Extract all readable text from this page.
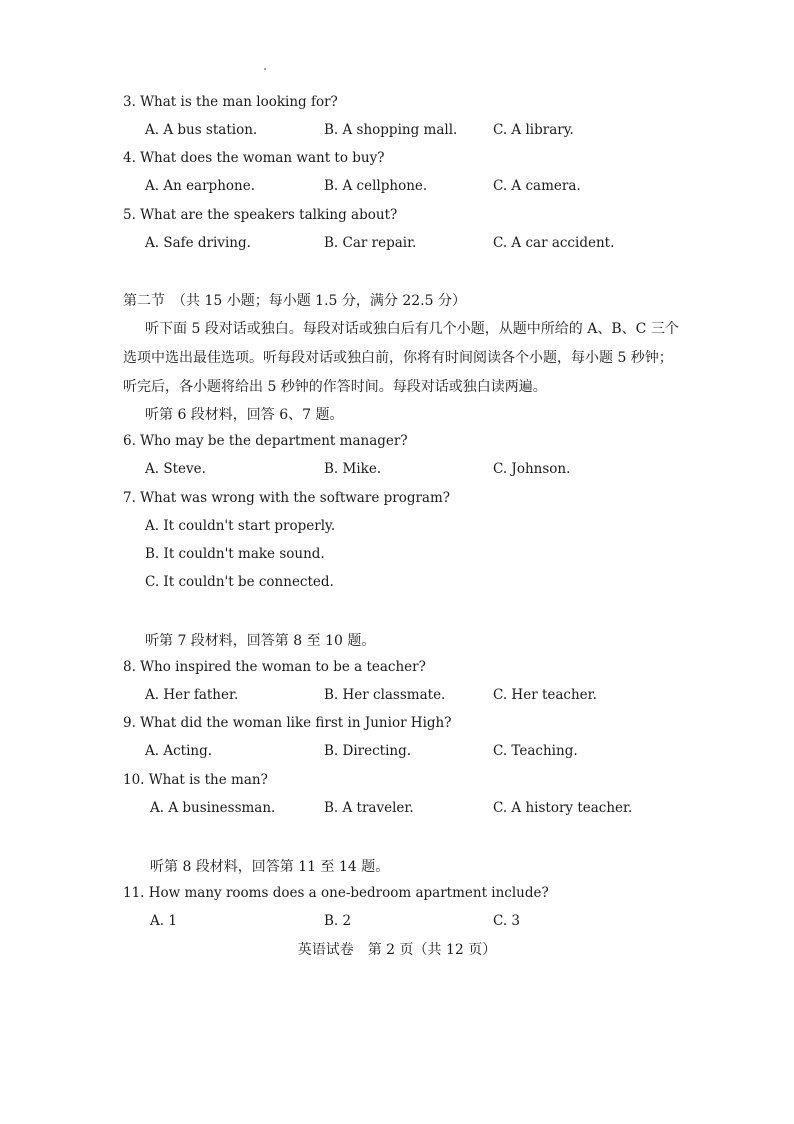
3. What is the man looking for?
A. A bus station.	B. A shopping mall.	C. A library.
4. What does the woman want to buy?
A. An earphone.	B. A cellphone.	C. A camera.
5. What are the speakers talking about?
A. Safe driving.	B. Car repair.	C. A car accident.
第二节　（共 15 小题；每小题 1.5 分，满分 22.5 分）
听下面 5 段对话或独白。每段对话或独白后有几个小题，从题中所给的 A、B、C 三个
选项中选出最佳选项。听每段对话或独白前，你将有时间阅读各个小题，每小题 5 秒钟；
听完后，各小题将给出 5 秒钟的作答时间。每段对话或独白读两遍。
听第 6 段材料，回答 6、7 题。
6. Who may be the department manager?
A. Steve.	B. Mike.	C. Johnson.
7. What was wrong with the software program?
A. It couldn't start properly.
B. It couldn't make sound.
C. It couldn't be connected.
听第 7 段材料，回答第 8 至 10 题。
8. Who inspired the woman to be a teacher?
A. Her father.	B. Her classmate.	C. Her teacher.
9. What did the woman like first in Junior High?
A. Acting.	B. Directing.	C. Teaching.
10. What is the man?
A. A businessman.	B. A traveler.	C. A history teacher.
听第 8 段材料，回答第 11 至 14 题。
11. How many rooms does a one-bedroom apartment include?
A. 1	B. 2	C. 3
英语试卷　第 2 页（共 12 页）
